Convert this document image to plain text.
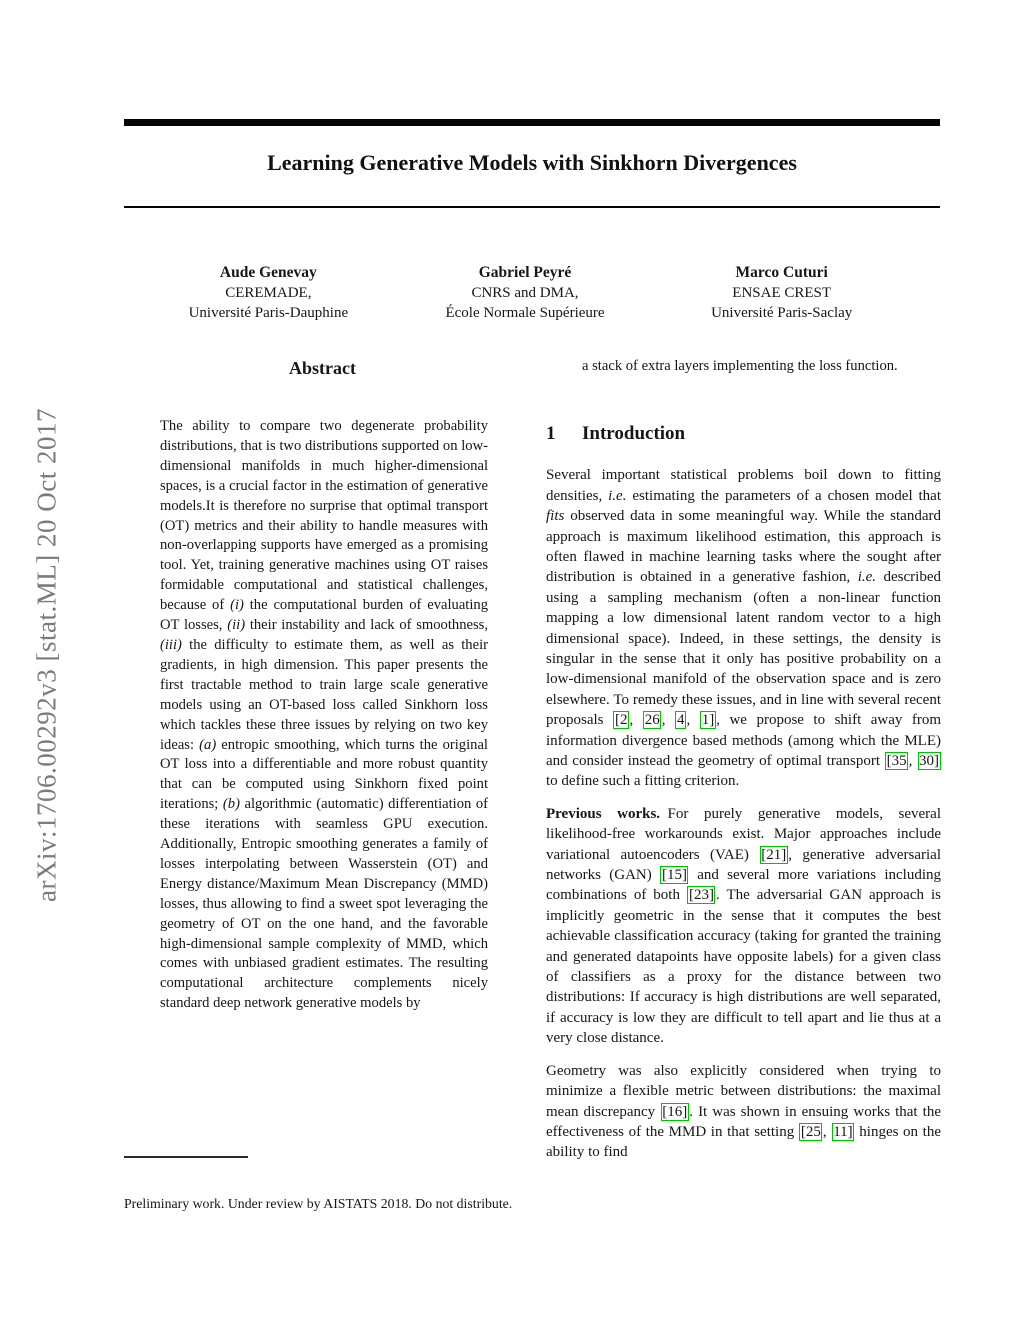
arXiv:1706.00292v3 [stat.ML] 20 Oct 2017
Learning Generative Models with Sinkhorn Divergences
Aude Genevay
CEREMADE,
Université Paris-Dauphine
Gabriel Peyré
CNRS and DMA,
École Normale Supérieure
Marco Cuturi
ENSAE CREST
Université Paris-Saclay
Abstract

The ability to compare two degenerate probability distributions, that is two distributions supported on low-dimensional manifolds in much higher-dimensional spaces, is a crucial factor in the estimation of generative models.It is therefore no surprise that optimal transport (OT) metrics and their ability to handle measures with non-overlapping supports have emerged as a promising tool. Yet, training generative machines using OT raises formidable computational and statistical challenges, because of (i) the computational burden of evaluating OT losses, (ii) their instability and lack of smoothness, (iii) the difficulty to estimate them, as well as their gradients, in high dimension. This paper presents the first tractable method to train large scale generative models using an OT-based loss called Sinkhorn loss which tackles these three issues by relying on two key ideas: (a) entropic smoothing, which turns the original OT loss into a differentiable and more robust quantity that can be computed using Sinkhorn fixed point iterations; (b) algorithmic (automatic) differentiation of these iterations with seamless GPU execution. Additionally, Entropic smoothing generates a family of losses interpolating between Wasserstein (OT) and Energy distance/Maximum Mean Discrepancy (MMD) losses, thus allowing to find a sweet spot leveraging the geometry of OT on the one hand, and the favorable high-dimensional sample complexity of MMD, which comes with unbiased gradient estimates. The resulting computational architecture complements nicely standard deep network generative models by

Preliminary work. Under review by AISTATS 2018. Do not distribute.

a stack of extra layers implementing the loss function.

1	Introduction

Several important statistical problems boil down to fitting densities, i.e. estimating the parameters of a chosen model that fits observed data in some meaningful way. While the standard approach is maximum likelihood estimation, this approach is often flawed in machine learning tasks where the sought after distribution is obtained in a generative fashion, i.e. described using a sampling mechanism (often a non-linear function mapping a low dimensional latent random vector to a high dimensional space). Indeed, in these settings, the density is singular in the sense that it only has positive probability on a low-dimensional manifold of the observation space and is zero elsewhere. To remedy these issues, and in line with several recent proposals [2 , 26 , 4 , 1] , we propose to shift away from information divergence based methods (among which the MLE) and consider instead the geometry of optimal transport [35 , 30] to define such a fitting criterion.

Previous works. For purely generative models, several likelihood-free workarounds exist. Major approaches include variational autoencoders (VAE) [21] , generative adversarial networks (GAN) [15] and several more variations including combinations of both [23] . The adversarial GAN approach is implicitly geometric in the sense that it computes the best achievable classification accuracy (taking for granted the training and generated datapoints have opposite labels) for a given class of classifiers as a proxy for the distance between two distributions: If accuracy is high distributions are well separated, if accuracy is low they are difficult to tell apart and lie thus at a very close distance.

Geometry was also explicitly considered when trying to minimize a flexible metric between distributions: the maximal mean discrepancy [16] . It was shown in ensuing works that the effectiveness of the MMD in that setting [25 , 11] hinges on the ability to find
